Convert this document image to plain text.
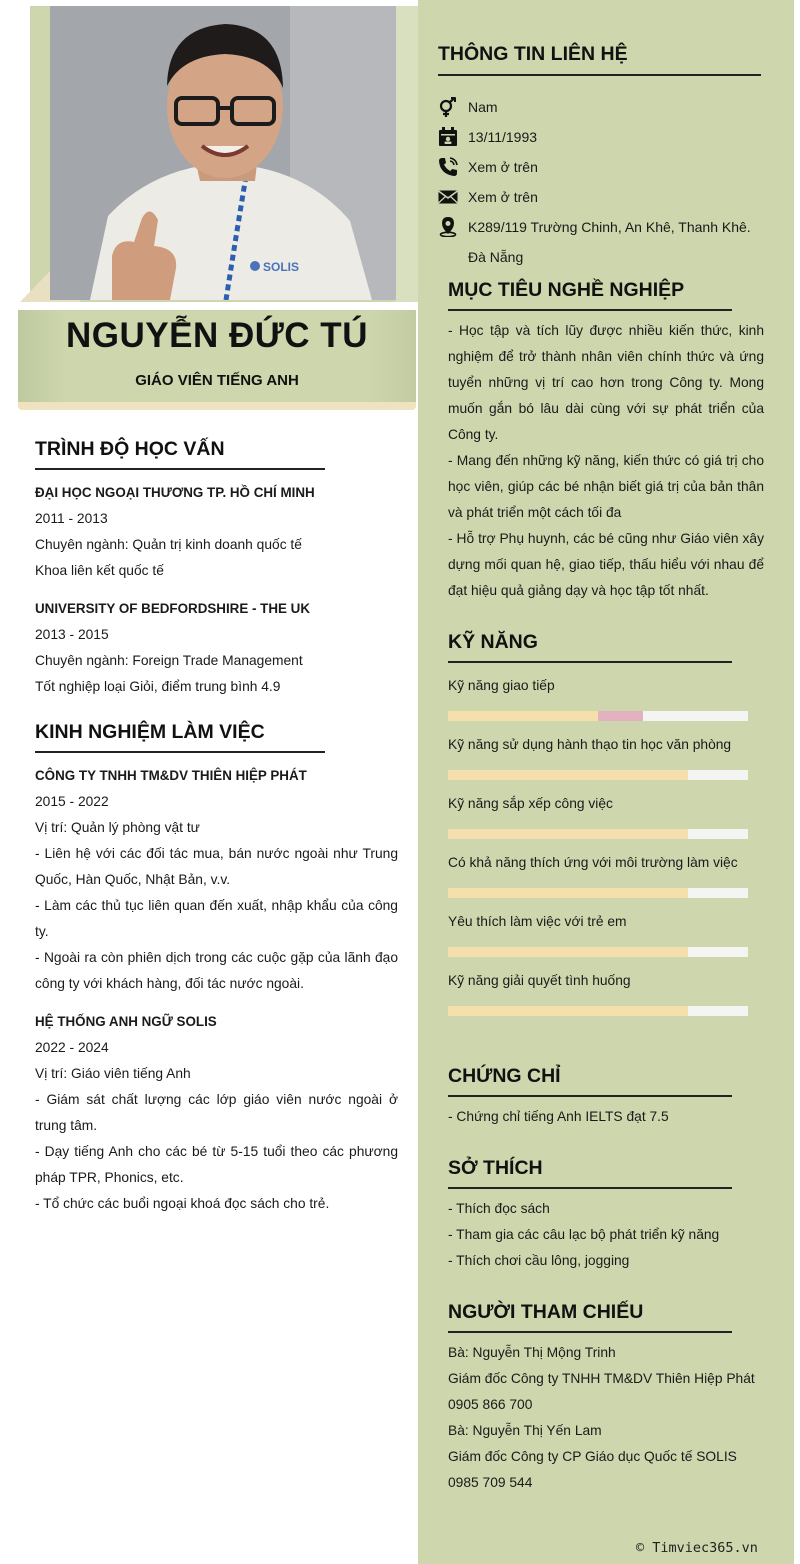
SOLIS
NGUYỄN ĐỨC TÚ
GIÁO VIÊN TIẾNG ANH
TRÌNH ĐỘ HỌC VẤN
ĐẠI HỌC NGOẠI THƯƠNG TP. HỒ CHÍ MINH
2011 - 2013
Chuyên ngành: Quản trị kinh doanh quốc tế
Khoa liên kết quốc tế
UNIVERSITY OF BEDFORDSHIRE - THE UK
2013 - 2015
Chuyên ngành: Foreign Trade Management
Tốt nghiệp loại Giỏi, điểm trung bình 4.9
KINH NGHIỆM LÀM VIỆC
CÔNG TY TNHH TM&DV THIÊN HIỆP PHÁT
2015 - 2022
Vị trí: Quản lý phòng vật tư
- Liên hệ với các đối tác mua, bán nước ngoài như Trung Quốc, Hàn Quốc, Nhật Bản, v.v.
- Làm các thủ tục liên quan đến xuất, nhập khẩu của công ty.
- Ngoài ra còn phiên dịch trong các cuộc gặp của lãnh đạo công ty với khách hàng, đối tác nước ngoài.
HỆ THỐNG ANH NGỮ SOLIS
2022 - 2024
Vị trí: Giáo viên tiếng Anh
- Giám sát chất lượng các lớp giáo viên nước ngoài ở trung tâm.
- Dạy tiếng Anh cho các bé từ 5-15 tuổi theo các phương pháp TPR, Phonics, etc.
- Tổ chức các buổi ngoại khoá đọc sách cho trẻ.
THÔNG TIN LIÊN HỆ
Nam
13/11/1993
Xem ở trên
Xem ở trên
K289/119 Trường Chinh, An Khê, Thanh Khê.
Đà Nẵng
MỤC TIÊU NGHỀ NGHIỆP
- Học tập và tích lũy được nhiều kiến thức, kinh nghiệm để trở thành nhân viên chính thức và ứng tuyển những vị trí cao hơn trong Công ty. Mong muốn gắn bó lâu dài cùng với sự phát triển của Công ty.
- Mang đến những kỹ năng, kiến thức có giá trị cho học viên, giúp các bé nhận biết giá trị của bản thân và phát triển một cách tối đa
- Hỗ trợ Phụ huynh, các bé cũng như Giáo viên xây dựng mối quan hệ, giao tiếp, thấu hiểu với nhau để đạt hiệu quả giảng dạy và học tập tốt nhất.
KỸ NĂNG
Kỹ năng giao tiếp
Kỹ năng sử dụng hành thạo tin học văn phòng
Kỹ năng sắp xếp công việc
Có khả năng thích ứng với môi trường làm việc
Yêu thích làm việc với trẻ em
Kỹ năng giải quyết tình huống
CHỨNG CHỈ
- Chứng chỉ tiếng Anh IELTS đạt 7.5
SỞ THÍCH
- Thích đọc sách
- Tham gia các câu lạc bộ phát triển kỹ năng
- Thích chơi cầu lông, jogging
NGƯỜI THAM CHIẾU
Bà: Nguyễn Thị Mộng Trinh
Giám đốc Công ty TNHH TM&DV Thiên Hiệp Phát
0905 866 700
Bà: Nguyễn Thị Yến Lam
Giám đốc Công ty CP Giáo dục Quốc tế SOLIS
0985 709 544
© Timviec365.vn
